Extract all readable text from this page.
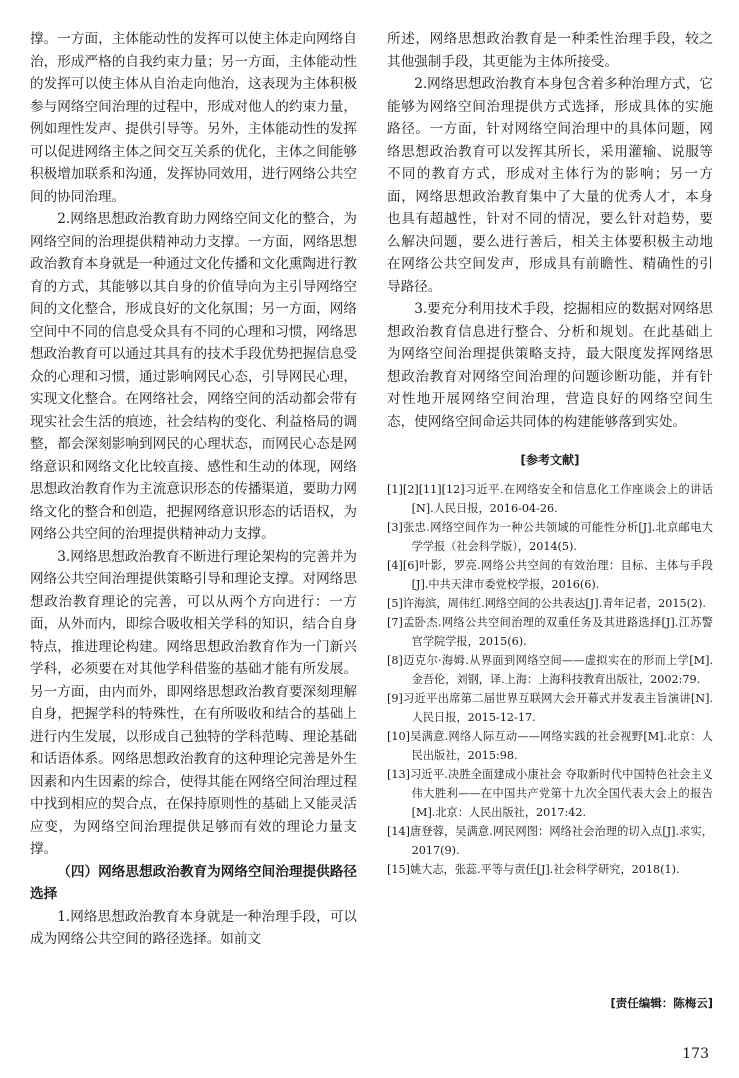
撑。一方面，主体能动性的发挥可以使主体走向网络自治，形成严格的自我约束力量；另一方面，主体能动性的发挥可以使主体从自治走向他治，这表现为主体积极参与网络空间治理的过程中，形成对他人的约束力量，例如理性发声、提供引导等。另外，主体能动性的发挥可以促进网络主体之间交互关系的优化，主体之间能够积极增加联系和沟通，发挥协同效用，进行网络公共空间的协同治理。

2.网络思想政治教育助力网络空间文化的整合，为网络空间的治理提供精神动力支撑。一方面，网络思想政治教育本身就是一种通过文化传播和文化熏陶进行教育的方式，其能够以其自身的价值导向为主引导网络空间的文化整合，形成良好的文化氛围；另一方面，网络空间中不同的信息受众具有不同的心理和习惯，网络思想政治教育可以通过其具有的技术手段优势把握信息受众的心理和习惯，通过影响网民心态，引导网民心理，实现文化整合。在网络社会，网络空间的活动都会带有现实社会生活的痕迹，社会结构的变化、利益格局的调整，都会深刻影响到网民的心理状态，而网民心态是网络意识和网络文化比较直接、感性和生动的体现，网络思想政治教育作为主流意识形态的传播渠道，要助力网络文化的整合和创造，把握网络意识形态的话语权，为网络公共空间的治理提供精神动力支撑。

3.网络思想政治教育不断进行理论架构的完善并为网络公共空间治理提供策略引导和理论支撑。对网络思想政治教育理论的完善，可以从两个方向进行：一方面，从外而内，即综合吸收相关学科的知识，结合自身特点，推进理论构建。网络思想政治教育作为一门新兴学科，必须要在对其他学科借鉴的基础才能有所发展。另一方面，由内而外，即网络思想政治教育要深刻理解自身，把握学科的特殊性，在有所吸收和结合的基础上进行内生发展，以形成自己独特的学科范畴、理论基础和话语体系。网络思想政治教育的这种理论完善是外生因素和内生因素的综合，使得其能在网络空间治理过程中找到相应的契合点，在保持原则性的基础上又能灵活应变，为网络空间治理提供足够而有效的理论力量支撑。

（四）网络思想政治教育为网络空间治理提供路径选择

1.网络思想政治教育本身就是一种治理手段，可以成为网络公共空间的路径选择。如前文

所述，网络思想政治教育是一种柔性治理手段，较之其他强制手段，其更能为主体所接受。

2.网络思想政治教育本身包含着多种治理方式，它能够为网络空间治理提供方式选择，形成具体的实施路径。一方面，针对网络空间治理中的具体问题，网络思想政治教育可以发挥其所长，采用灌输、说服等不同的教育方式，形成对主体行为的影响；另一方面，网络思想政治教育集中了大量的优秀人才，本身也具有超越性，针对不同的情况，要么针对趋势，要么解决问题，要么进行善后，相关主体要积极主动地在网络公共空间发声，形成具有前瞻性、精确性的引导路径。

3.要充分利用技术手段，挖掘相应的数据对网络思想政治教育信息进行整合、分析和规划。在此基础上为网络空间治理提供策略支持，最大限度发挥网络思想政治教育对网络空间治理的问题诊断功能，并有针对性地开展网络空间治理，营造良好的网络空间生态，使网络空间命运共同体的构建能够落到实处。

[参考文献]

[1][2][11][12]习近平.在网络安全和信息化工作座谈会上的讲话[N].人民日报，2016-04-26.

[3]张忠.网络空间作为一种公共领域的可能性分析[J].北京邮电大学学报（社会科学版），2014(5).

[4][6]叶影，罗亮.网络公共空间的有效治理：目标、主体与手段[J].中共天津市委党校学报，2016(6).

[5]许海滨，周伟红.网络空间的公共表达[J].青年记者，2015(2).

[7]孟卧杰.网络公共空间治理的双重任务及其进路选择[J].江苏警官学院学报，2015(6).

[8]迈克尔·海姆.从界面到网络空间——虚拟实在的形而上学[M].金吾伦，刘钢，译.上海：上海科技教育出版社，2002:79.

[9]习近平出席第二届世界互联网大会开幕式并发表主旨演讲[N].人民日报，2015-12-17.

[10]吴满意.网络人际互动——网络实践的社会视野[M].北京：人民出版社，2015:98.

[13]习近平.决胜全面建成小康社会 夺取新时代中国特色社会主义伟大胜利——在中国共产党第十九次全国代表大会上的报告[M].北京：人民出版社，2017:42.

[14]唐登蓉，吴满意.网民网图：网络社会治理的切入点[J].求实，2017(9).

[15]姚大志，张蕊.平等与责任[J].社会科学研究，2018(1).

[责任编辑：陈梅云]
173
